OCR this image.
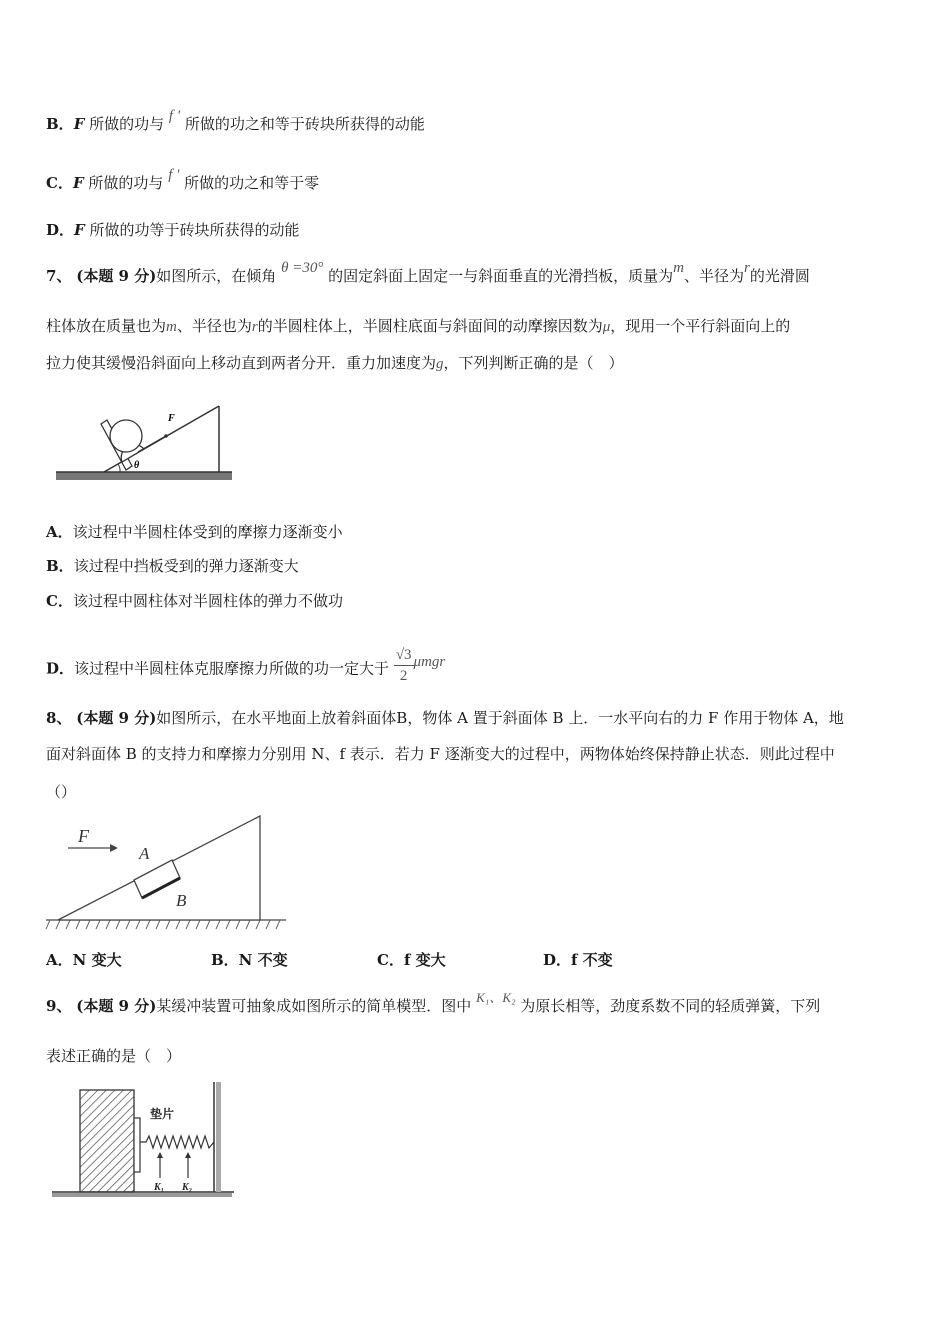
B．F 所做的功与 f ′ 所做的功之和等于砖块所获得的动能
C．F 所做的功与 f ′ 所做的功之和等于零
D．F 所做的功等于砖块所获得的动能
7、 (本题 9 分)如图所示，在倾角 θ =30° 的固定斜面上固定一与斜面垂直的光滑挡板，质量为m、半径为r的光滑圆
柱体放在质量也为m、半径也为r的半圆柱体上，半圆柱底面与斜面间的动摩擦因数为μ，现用一个平行斜面向上的
拉力使其缓慢沿斜面向上移动直到两者分开．重力加速度为g，下列判断正确的是（　）
F
θ
A．该过程中半圆柱体受到的摩擦力逐渐变小
B．该过程中挡板受到的弹力逐渐变大
C．该过程中圆柱体对半圆柱体的弹力不做功
D．该过程中半圆柱体克服摩擦力所做的功一定大于 $\frac{√3}{2}$ μmgr
8、 (本题 9 分)如图所示，在水平地面上放着斜面体B，物体 A 置于斜面体 B 上．一水平向右的力 F 作用于物体 A，地
面对斜面体 B 的支持力和摩擦力分别用 N、f 表示．若力 F 逐渐变大的过程中，两物体始终保持静止状态．则此过程中
（）
F
A
B
A．N 变大	B．N 不变	C．f 变大	D．f 不变
9、 (本题 9 分)某缓冲装置可抽象成如图所示的简单模型．图中 K₁、K₂ 为原长相等，劲度系数不同的轻质弹簧，下列
表述正确的是（　）
垫片
K₁ K₂
